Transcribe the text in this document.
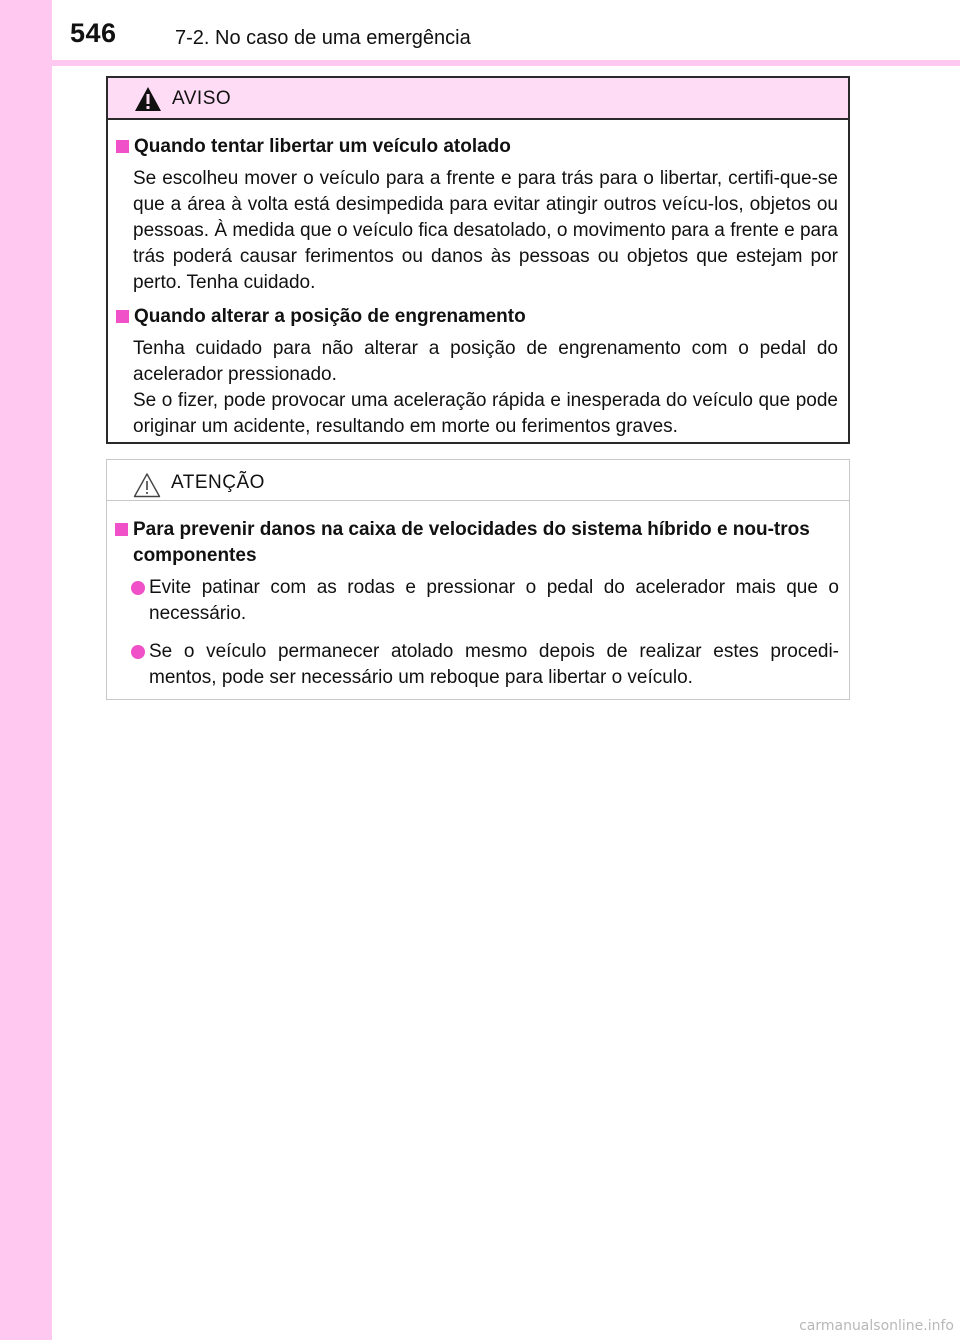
546	7-2. No caso de uma emergência
AVISO
Quando tentar libertar um veículo atolado

Se escolheu mover o veículo para a frente e para trás para o libertar, certifi-que-se que a área à volta está desimpedida para evitar atingir outros veícu-los, objetos ou pessoas. À medida que o veículo fica desatolado, o movimento para a frente e para trás poderá causar ferimentos ou danos às pessoas ou objetos que estejam por perto. Tenha cuidado.

Quando alterar a posição de engrenamento

Tenha cuidado para não alterar a posição de engrenamento com o pedal do acelerador pressionado.

Se o fizer, pode provocar uma aceleração rápida e inesperada do veículo que pode originar um acidente, resultando em morte ou ferimentos graves.

ATENÇÃO
Para prevenir danos na caixa de velocidades do sistema híbrido e nou-tros componentes
Evite patinar com as rodas e pressionar o pedal do acelerador mais que o necessário.
Se o veículo permanecer atolado mesmo depois de realizar estes procedi-mentos, pode ser necessário um reboque para libertar o veículo.
carmanualsonline.info
